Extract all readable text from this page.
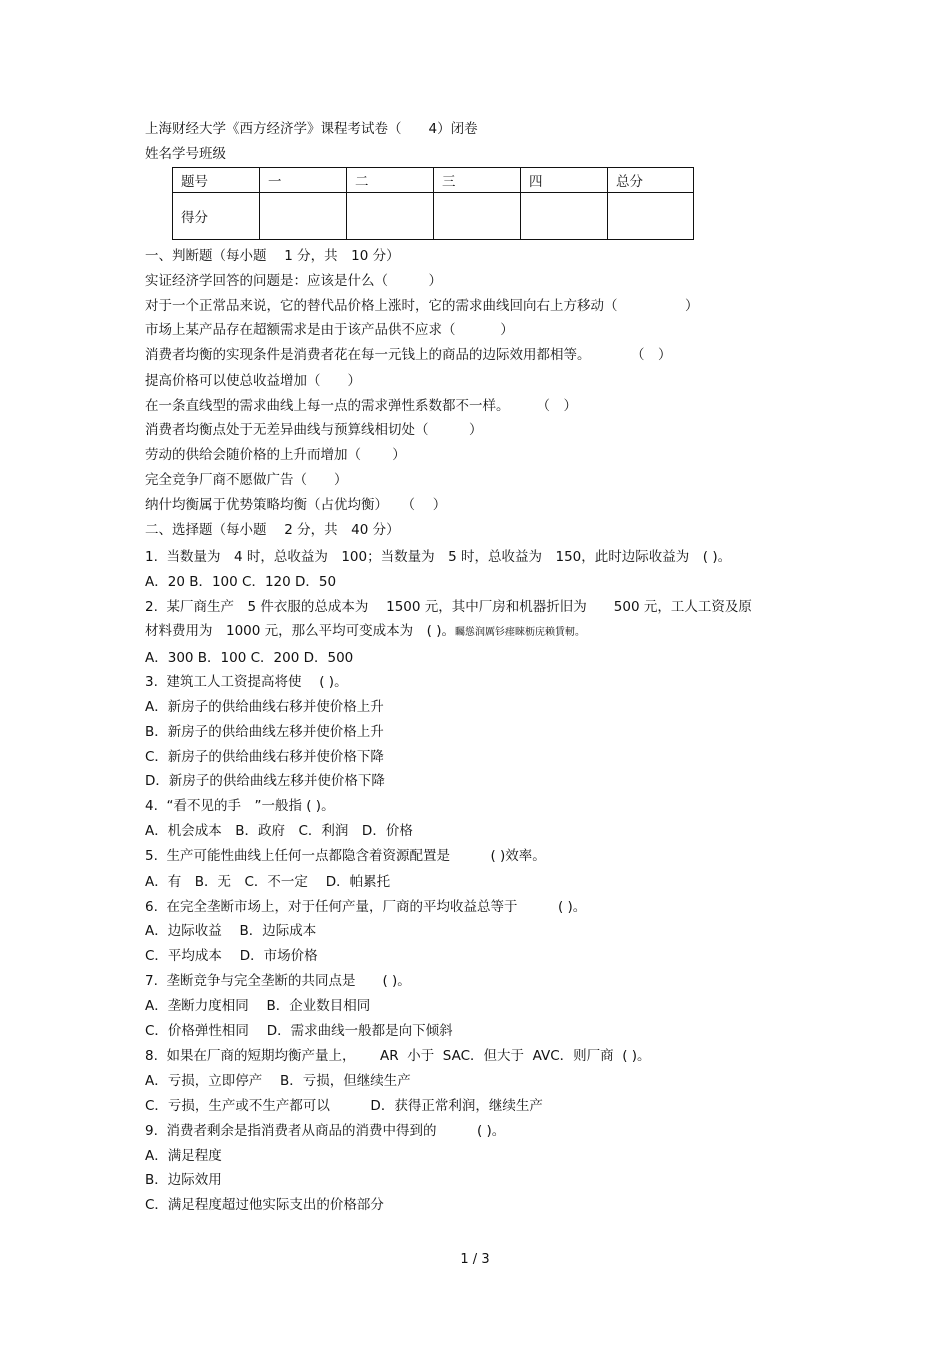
上海财经大学《西方经济学》课程考试卷（　　4）闭卷
姓名学号班级
题号	一	二	三	四	总分
得分					
一、判断题（每小题　 1 分，共　10 分）
实证经济学回答的问题是：应该是什么（　　　）
对于一个正常品来说，它的替代品价格上涨时，它的需求曲线回向右上方移动（　　　　　）
市场上某产品存在超额需求是由于该产品供不应求（　　　 ）
消费者均衡的实现条件是消费者花在每一元钱上的商品的边际效用都相等。　　　　（　）
提高价格可以使总收益增加（　　）
在一条直线型的需求曲线上每一点的需求弹性系数都不一样。　　　（　）
消费者均衡点处于无差异曲线与预算线相切处（　　　）
劳动的供给会随价格的上升而增加（　　 ）
完全竞争厂商不愿做广告（　　）
纳什均衡属于优势策略均衡（占优均衡）　　（　 ）
二、选择题（每小题　 2 分，共　40 分）
1.  当数量为　4 时，总收益为　100；当数量为　5 时，总收益为　150，此时边际收益为　( )。
A．20 B．100 C．120 D．50
2.  某厂商生产　5 件衣服的总成本为　 1500 元，其中厂房和机器折旧为　　500 元，工人工资及原
材料费用为　1000 元，那么平均可变成本为　( )。矚慫润厲钐瘗睞枥庑赖賃軔。
A．300 B．100 C．200 D．500
3.  建筑工人工资提高将使　 ( )。
A．新房子的供给曲线右移并使价格上升
B．新房子的供给曲线左移并使价格上升
C．新房子的供给曲线右移并使价格下降
D．新房子的供给曲线左移并使价格下降
4.  “看不见的手　”一般指 ( )。
A．机会成本　B．政府　C．利润　D．价格
5.  生产可能性曲线上任何一点都隐含着资源配置是　　　( )效率。
A．有　B．无　C．不一定　 D．帕累托
6.  在完全垄断市场上，对于任何产量，厂商的平均收益总等于　　　( )。
A．边际收益　 B．边际成本
C．平均成本　 D．市场价格
7.  垄断竞争与完全垄断的共同点是　　( )。
A．垄断力度相同　 B．企业数目相同
C．价格弹性相同　 D．需求曲线一般都是向下倾斜
8.  如果在厂商的短期均衡产量上，　　 AR  小于  SAC．但大于  AVC．则厂商  ( )。
A．亏损，立即停产　 B．亏损，但继续生产
C．亏损，生产或不生产都可以　　　D．获得正常利润，继续生产
9.  消费者剩余是指消费者从商品的消费中得到的　　　( )。
A．满足程度
B．边际效用
C．满足程度超过他实际支出的价格部分
1 / 3
